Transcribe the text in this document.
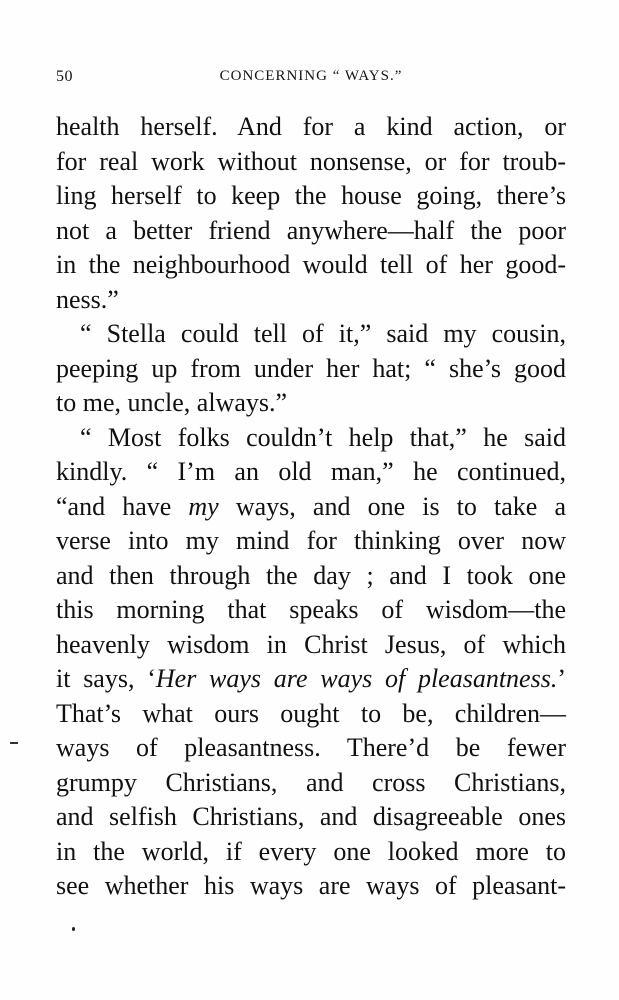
50	CONCERNING “ WAYS.”
health herself. And for a kind action, or
for real work without nonsense, or for troub-
ling herself to keep the house going, there’s
not a better friend anywhere—half the poor
in the neighbourhood would tell of her good-
ness.”
“ Stella could tell of it,” said my cousin,
peeping up from under her hat; “ she’s good
to me, uncle, always.”
“ Most folks couldn’t help that,” he said
kindly. “ I’m an old man,” he continued,
“and have my ways, and one is to take a
verse into my mind for thinking over now
and then through the day ; and I took one
this morning that speaks of wisdom—the
heavenly wisdom in Christ Jesus, of which
it says, ‘Her ways are ways of pleasantness.’
That’s what ours ought to be, children—
ways of pleasantness. There’d be fewer
grumpy Christians, and cross Christians,
and selfish Christians, and disagreeable ones
in the world, if every one looked more to
see whether his ways are ways of pleasant-
